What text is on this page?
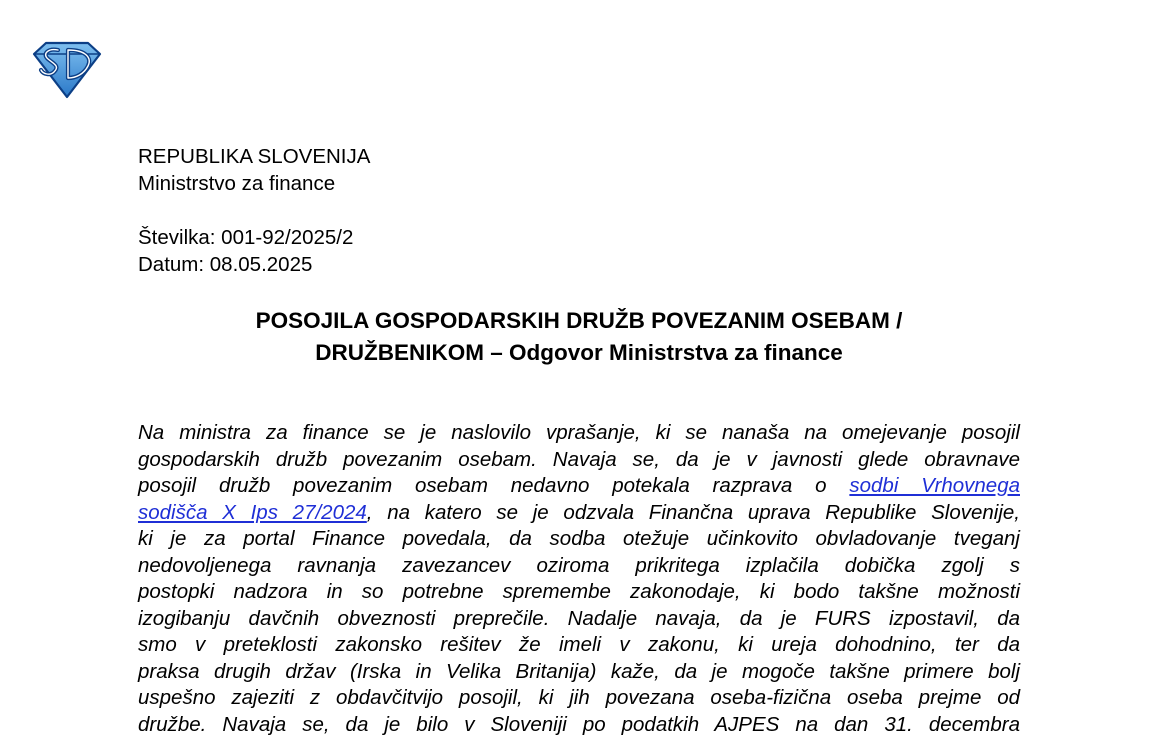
REPUBLIKA SLOVENIJA
Ministrstvo za finance
Številka: 001-92/2025/2
Datum: 08.05.2025
POSOJILA GOSPODARSKIH DRUŽB POVEZANIM OSEBAM /
DRUŽBENIKOM – Odgovor Ministrstva za finance
Na ministra za finance se je naslovilo vprašanje, ki se nanaša na omejevanje posojil
gospodarskih družb povezanim osebam. Navaja se, da je v javnosti glede obravnave
posojil družb povezanim osebam nedavno potekala razprava o sodbi Vrhovnega
sodišča X Ips 27/2024, na katero se je odzvala Finančna uprava Republike Slovenije,
ki je za portal Finance povedala, da sodba otežuje učinkovito obvladovanje tveganj
nedovoljenega ravnanja zavezancev oziroma prikritega izplačila dobička zgolj s
postopki nadzora in so potrebne spremembe zakonodaje, ki bodo takšne možnosti
izogibanju davčnih obveznosti preprečile. Nadalje navaja, da je FURS izpostavil, da
smo v preteklosti zakonsko rešitev že imeli v zakonu, ki ureja dohodnino, ter da
praksa drugih držav (Irska in Velika Britanija) kaže, da je mogoče takšne primere bolj
uspešno zajeziti z obdavčitvijo posojil, ki jih povezana oseba-fizična oseba prejme od
družbe. Navaja se, da je bilo v Sloveniji po podatkih AJPES na dan 31. decembra
